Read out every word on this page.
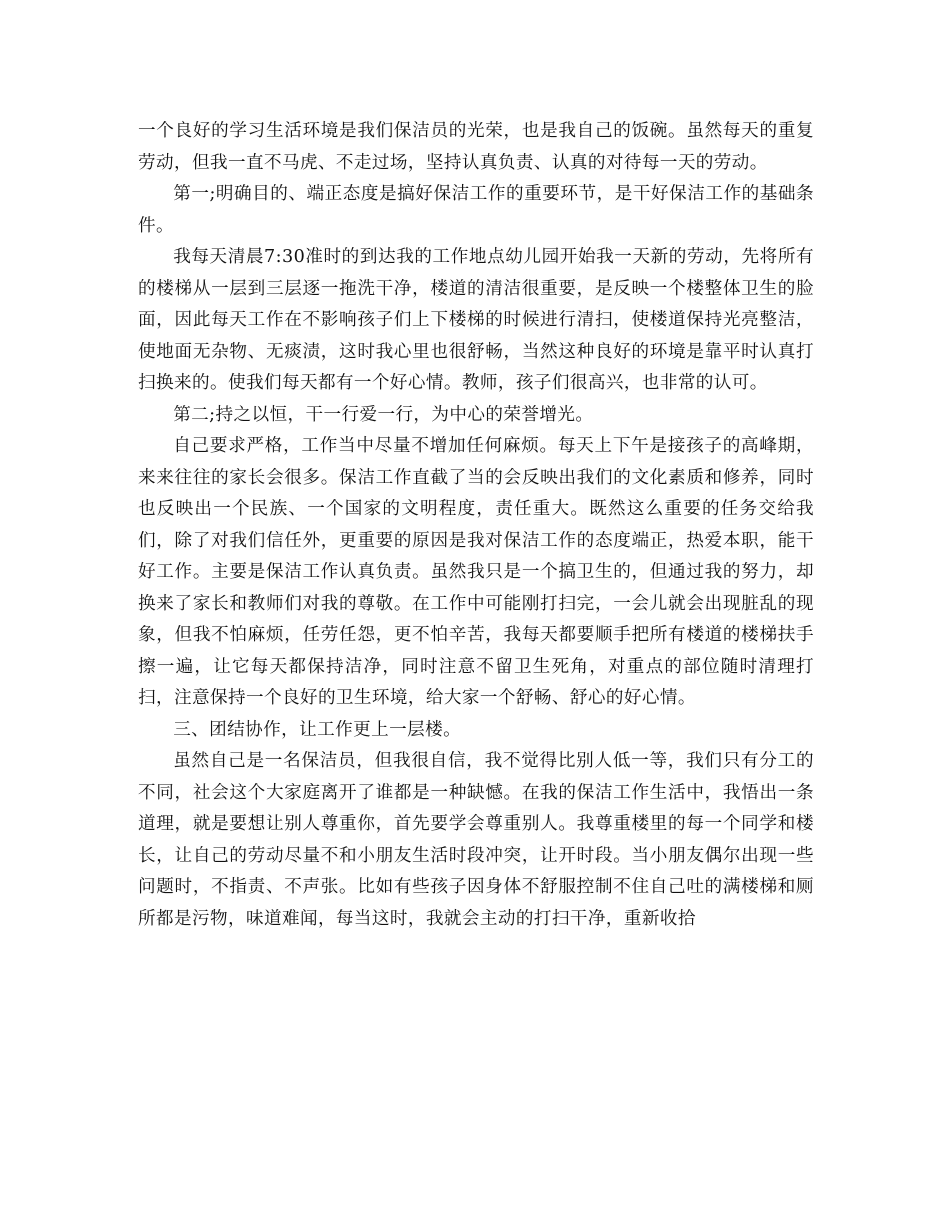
一个良好的学习生活环境是我们保洁员的光荣，也是我自己的饭碗。虽然每天的重复劳动，但我一直不马虎、不走过场，坚持认真负责、认真的对待每一天的劳动。

第一;明确目的、端正态度是搞好保洁工作的重要环节，是干好保洁工作的基础条件。

我每天清晨7:30准时的到达我的工作地点幼儿园开始我一天新的劳动，先将所有的楼梯从一层到三层逐一拖洗干净，楼道的清洁很重要，是反映一个楼整体卫生的脸面，因此每天工作在不影响孩子们上下楼梯的时候进行清扫，使楼道保持光亮整洁，使地面无杂物、无痰渍，这时我心里也很舒畅，当然这种良好的环境是靠平时认真打扫换来的。使我们每天都有一个好心情。教师，孩子们很高兴，也非常的认可。

第二;持之以恒，干一行爱一行，为中心的荣誉增光。

自己要求严格，工作当中尽量不增加任何麻烦。每天上下午是接孩子的高峰期，来来往往的家长会很多。保洁工作直截了当的会反映出我们的文化素质和修养，同时也反映出一个民族、一个国家的文明程度，责任重大。既然这么重要的任务交给我们，除了对我们信任外，更重要的原因是我对保洁工作的态度端正，热爱本职，能干好工作。主要是保洁工作认真负责。虽然我只是一个搞卫生的，但通过我的努力，却换来了家长和教师们对我的尊敬。在工作中可能刚打扫完，一会儿就会出现脏乱的现象，但我不怕麻烦，任劳任怨，更不怕辛苦，我每天都要顺手把所有楼道的楼梯扶手擦一遍，让它每天都保持洁净，同时注意不留卫生死角，对重点的部位随时清理打扫，注意保持一个良好的卫生环境，给大家一个舒畅、舒心的好心情。

三、团结协作，让工作更上一层楼。

虽然自己是一名保洁员，但我很自信，我不觉得比别人低一等，我们只有分工的不同，社会这个大家庭离开了谁都是一种缺憾。在我的保洁工作生活中，我悟出一条道理，就是要想让别人尊重你，首先要学会尊重别人。我尊重楼里的每一个同学和楼长，让自己的劳动尽量不和小朋友生活时段冲突，让开时段。当小朋友偶尔出现一些问题时，不指责、不声张。比如有些孩子因身体不舒服控制不住自己吐的满楼梯和厕所都是污物，味道难闻，每当这时，我就会主动的打扫干净，重新收拾
